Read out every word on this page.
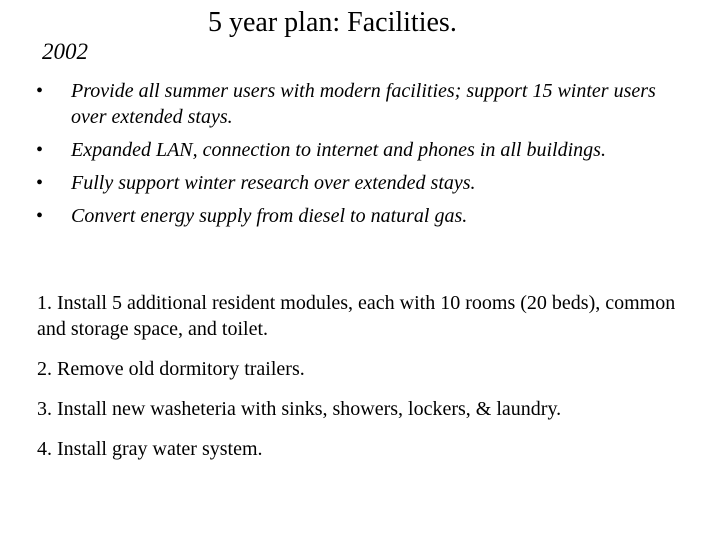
5 year plan: Facilities.
2002
• Provide all summer users with modern facilities; support 15 winter users over extended stays.
• Expanded LAN, connection to internet and phones in all buildings.
• Fully support winter research over extended stays.
• Convert energy supply from diesel to natural gas.

1. Install 5 additional resident modules, each with 10 rooms (20 beds), common and storage space, and toilet.

2. Remove old dormitory trailers.

3. Install new washeteria with sinks, showers, lockers, & laundry.

4. Install gray water system.
